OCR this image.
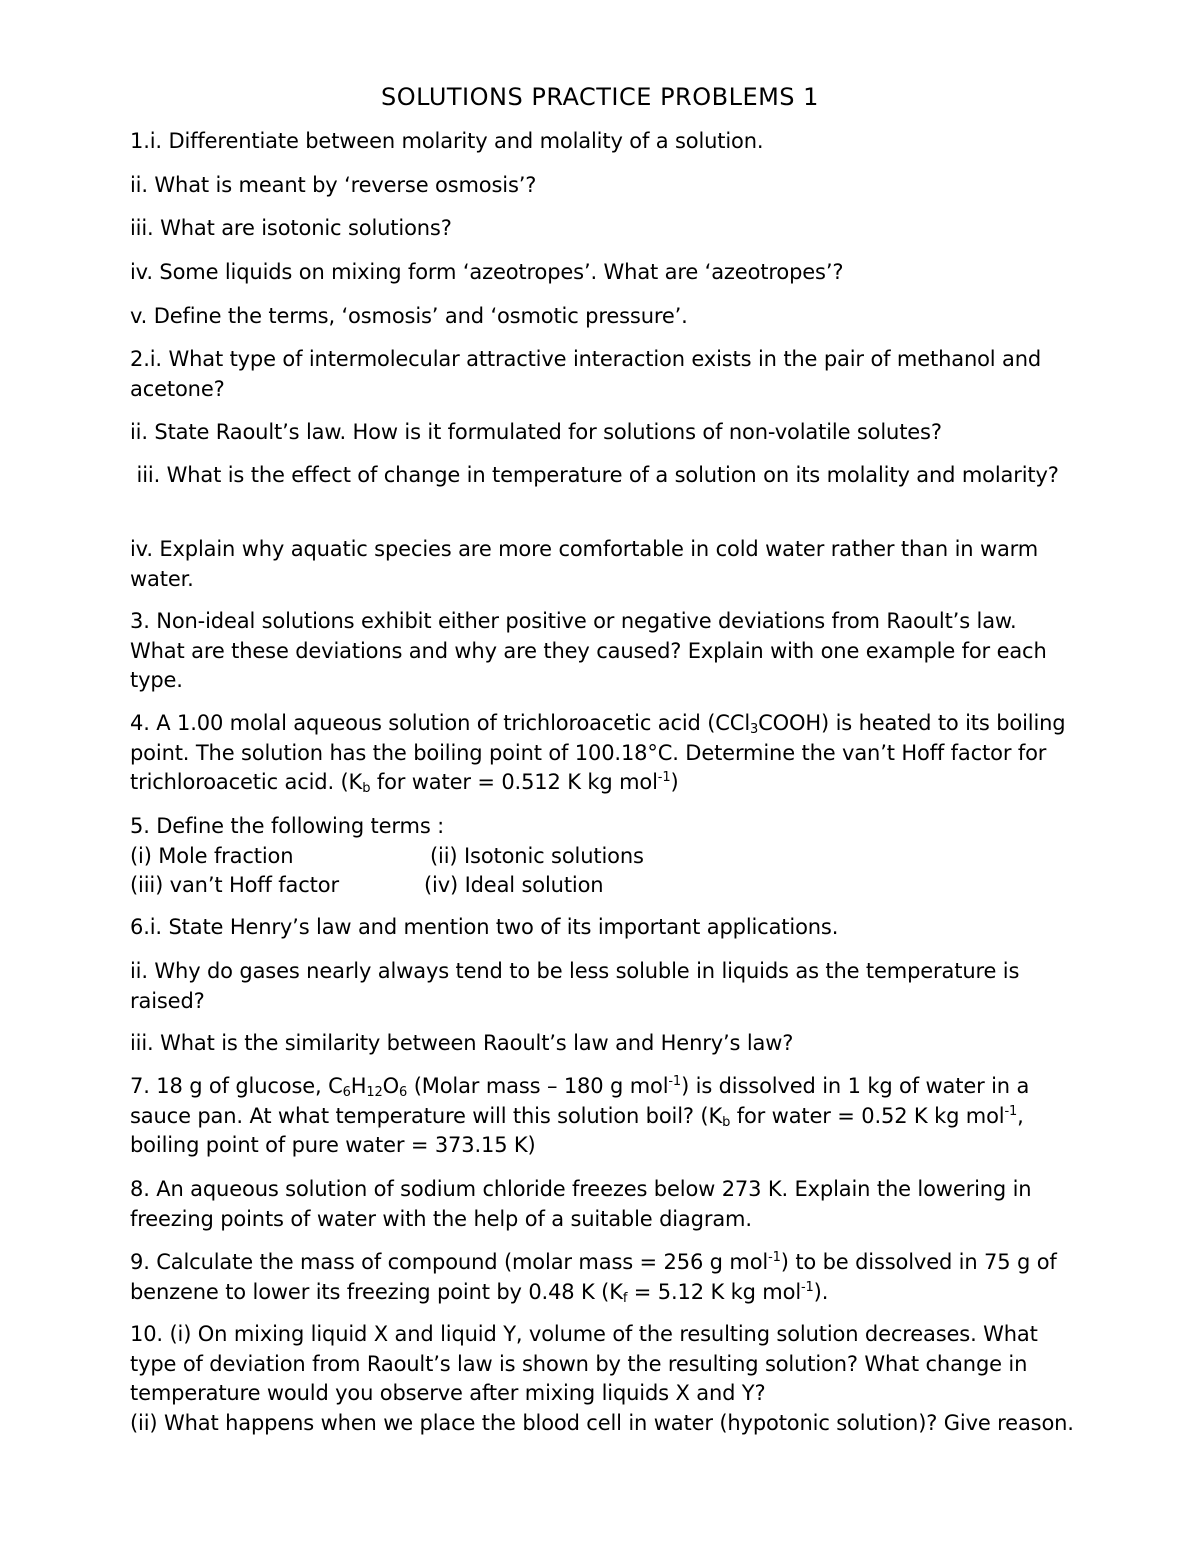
SOLUTIONS PRACTICE PROBLEMS 1
1.i. Differentiate between molarity and molality of a solution.
ii. What is meant by ‘reverse osmosis’?
iii. What are isotonic solutions?
iv. Some liquids on mixing form ‘azeotropes’. What are ‘azeotropes’?
v. Define the terms, ‘osmosis’ and ‘osmotic pressure’.
2.i. What type of intermolecular attractive interaction exists in the pair of methanol and acetone?
ii. State Raoult’s law. How is it formulated for solutions of non-volatile solutes?
iii. What is the effect of change in temperature of a solution on its molality and molarity?
iv. Explain why aquatic species are more comfortable in cold water rather than in warm water.
3. Non-ideal solutions exhibit either positive or negative deviations from Raoult’s law. What are these deviations and why are they caused? Explain with one example for each type.
4. A 1.00 molal aqueous solution of trichloroacetic acid (CCl$_3$COOH) is heated to its boiling point. The solution has the boiling point of 100.18°C. Determine the van’t Hoff factor for trichloroacetic acid. ($K_b$ for water = 0.512 K kg mol$^{-1}$)
5. Define the following terms :
(i) Mole fraction	(ii) Isotonic solutions
(iii) van’t Hoff factor	(iv) Ideal solution
6.i. State Henry’s law and mention two of its important applications.
ii. Why do gases nearly always tend to be less soluble in liquids as the temperature is raised?
iii. What is the similarity between Raoult’s law and Henry’s law?
7. 18 g of glucose, $C_6H_{12}O_6$ (Molar mass – 180 g mol$^{-1}$) is dissolved in 1 kg of water in a sauce pan. At what temperature will this solution boil? ($K_b$ for water = 0.52 K kg mol$^{-1}$, boiling point of pure water = 373.15 K)
8. An aqueous solution of sodium chloride freezes below 273 K. Explain the lowering in freezing points of water with the help of a suitable diagram.
9. Calculate the mass of compound (molar mass = 256 g mol$^{-1}$) to be dissolved in 75 g of benzene to lower its freezing point by 0.48 K ($K_f = 5.12$ K kg mol$^{-1}$).
10. (i) On mixing liquid X and liquid Y, volume of the resulting solution decreases. What type of deviation from Raoult’s law is shown by the resulting solution? What change in temperature would you observe after mixing liquids X and Y?
(ii) What happens when we place the blood cell in water (hypotonic solution)? Give reason.
